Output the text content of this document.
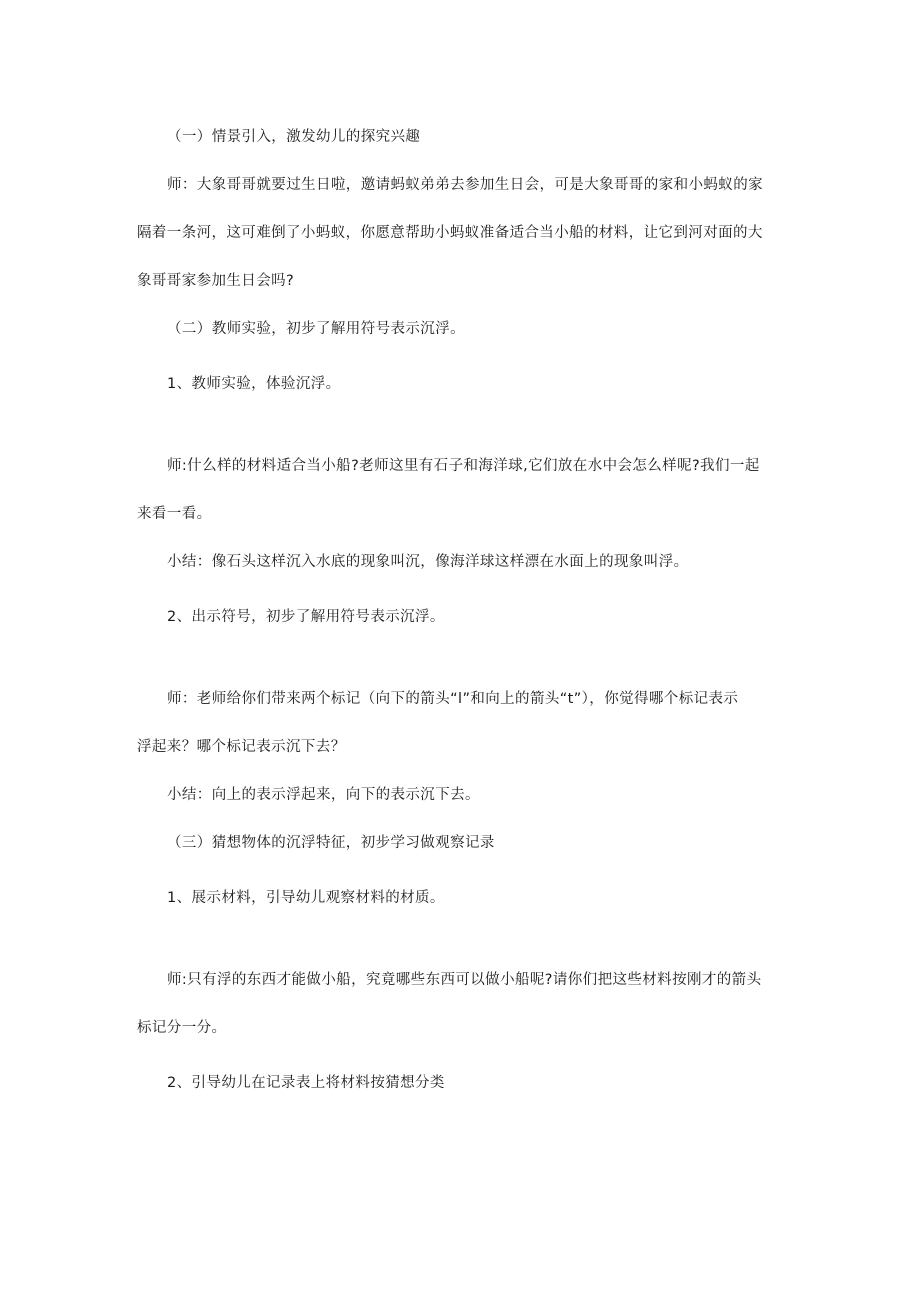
（一）情景引入，激发幼儿的探究兴趣
师：大象哥哥就要过生日啦，邀请蚂蚁弟弟去参加生日会，可是大象哥哥的家和小蚂蚁的家
隔着一条河，这可难倒了小蚂蚁，你愿意帮助小蚂蚁准备适合当小船的材料，让它到河对面的大
象哥哥家参加生日会吗?
（二）教师实验，初步了解用符号表示沉浮。
1、教师实验，体验沉浮。
师:什么样的材料适合当小船?老师这里有石子和海洋球,它们放在水中会怎么样呢?我们一起
来看一看。
小结：像石头这样沉入水底的现象叫沉，像海洋球这样漂在水面上的现象叫浮。
2、出示符号，初步了解用符号表示沉浮。
师：老师给你们带来两个标记（向下的箭头“l”和向上的箭头“t”），你觉得哪个标记表示
浮起来？哪个标记表示沉下去？
小结：向上的表示浮起来，向下的表示沉下去。
（三）猜想物体的沉浮特征，初步学习做观察记录
1、展示材料，引导幼儿观察材料的材质。
师:只有浮的东西才能做小船，究竟哪些东西可以做小船呢?请你们把这些材料按刚才的箭头
标记分一分。
2、引导幼儿在记录表上将材料按猜想分类
